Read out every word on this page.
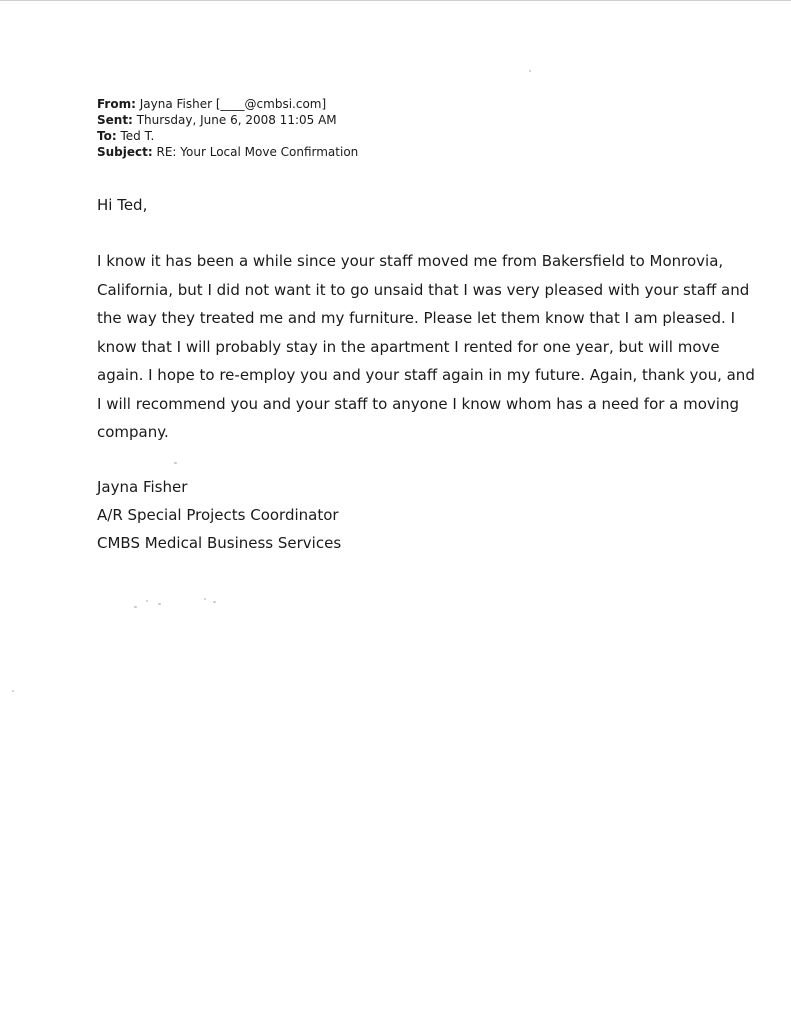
From: Jayna Fisher [____@cmbsi.com]
Sent: Thursday, June 6, 2008 11:05 AM
To: Ted T.
Subject: RE: Your Local Move Confirmation
Hi Ted,
I know it has been a while since your staff moved me from Bakersfield to Monrovia,
California, but I did not want it to go unsaid that I was very pleased with your staff and
the way they treated me and my furniture. Please let them know that I am pleased. I
know that I will probably stay in the apartment I rented for one year, but will move
again. I hope to re-employ you and your staff again in my future. Again, thank you, and
I will recommend you and your staff to anyone I know whom has a need for a moving
company.
Jayna Fisher
A/R Special Projects Coordinator
CMBS Medical Business Services
